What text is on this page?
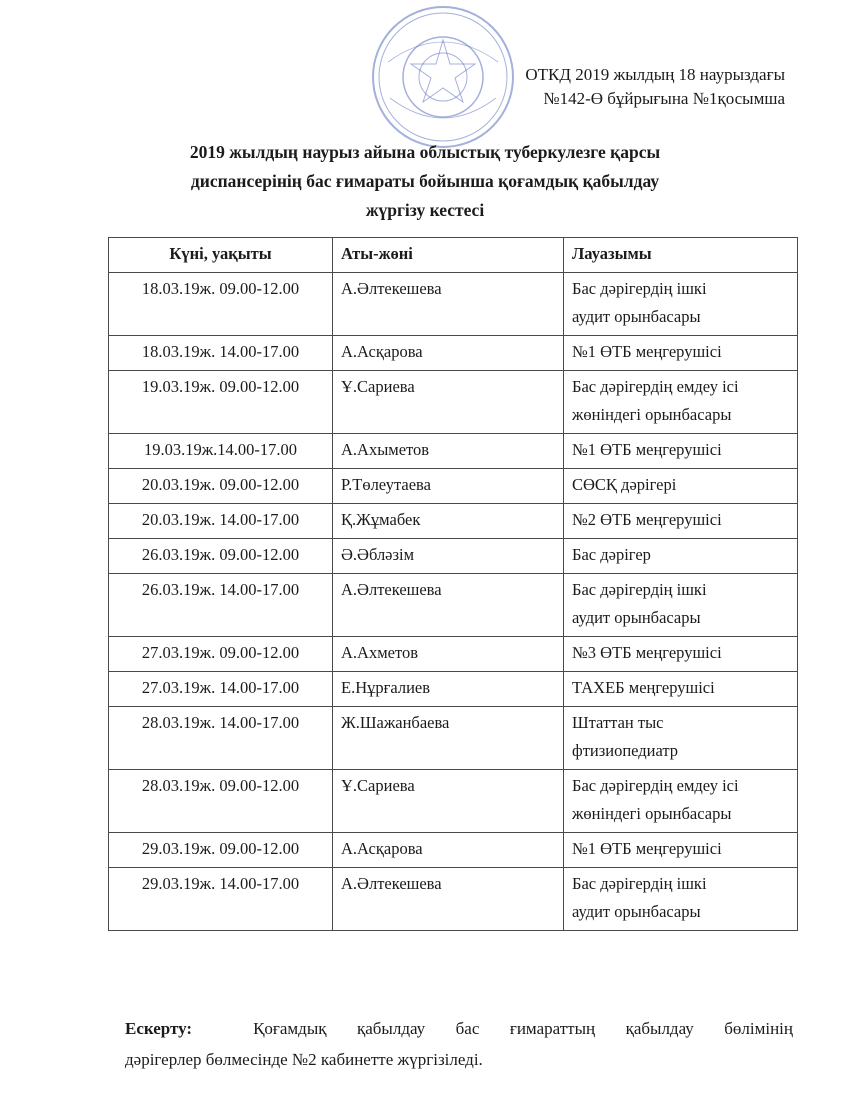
ОТКД 2019 жылдың 18 наурыздағы
№142-Ө бұйрығына №1қосымша
2019 жылдың наурыз айына облыстық туберкулезге қарсы
диспансерінің бас ғимараты бойынша қоғамдық қабылдау
жүргізу кестесі
Күні, уақыты	Аты-жөні	Лауазымы
18.03.19ж. 09.00-12.00	А.Әлтекешева	Бас дәрігердің ішкі
аудит орынбасары

18.03.19ж. 14.00-17.00	А.Асқарова	№1 ӨТБ меңгерушісі

19.03.19ж. 09.00-12.00	Ұ.Сариева	Бас дәрігердің емдеу ісі
жөніндегі орынбасары

19.03.19ж.14.00-17.00	А.Ахыметов	№1 ӨТБ меңгерушісі

20.03.19ж. 09.00-12.00	Р.Төлеутаева	СӨСҚ дәрігері

20.03.19ж. 14.00-17.00	Қ.Жұмабек	№2 ӨТБ меңгерушісі

26.03.19ж. 09.00-12.00	Ә.Әбләзім	Бас дәрігер

26.03.19ж. 14.00-17.00	А.Әлтекешева	Бас дәрігердің ішкі
аудит орынбасары

27.03.19ж. 09.00-12.00	А.Ахметов	№3 ӨТБ меңгерушісі

27.03.19ж. 14.00-17.00	Е.Нұрғалиев	ТАХЕБ меңгерушісі

28.03.19ж. 14.00-17.00	Ж.Шажанбаева	Штаттан тыс
фтизиопедиатр

28.03.19ж. 09.00-12.00	Ұ.Сариева	Бас дәрігердің емдеу ісі
жөніндегі орынбасары

29.03.19ж. 09.00-12.00	А.Асқарова	№1 ӨТБ меңгерушісі

29.03.19ж. 14.00-17.00	А.Әлтекешева	Бас дәрігердің ішкі
аудит орынбасары
Ескерту:	Қоғамдық қабылдау бас ғимараттың қабылдау бөлімінің
дәрігерлер бөлмесінде №2 кабинетте жүргізіледі.
